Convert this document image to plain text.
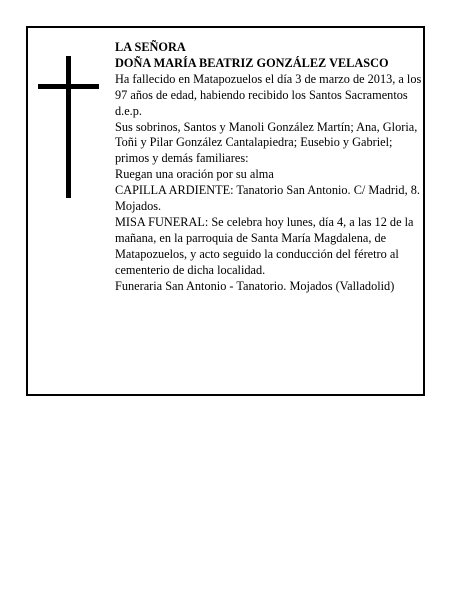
LA SEÑORA

DOÑA MARÍA BEATRIZ GONZÁLEZ VELASCO

Ha fallecido en Matapozuelos el día 3 de marzo de 2013, a los 97 años de edad, habiendo recibido los Santos Sacramentos

d.e.p.

Sus sobrinos, Santos y Manoli González Martín; Ana, Gloria, Toñi y Pilar González Cantalapiedra; Eusebio y Gabriel; primos y demás familiares:

Ruegan una oración por su alma

CAPILLA ARDIENTE: Tanatorio San Antonio. C/ Madrid, 8. Mojados.

MISA FUNERAL: Se celebra hoy lunes, día 4, a las 12 de la mañana, en la parroquia de Santa María Magdalena, de Matapozuelos, y acto seguido la conducción del féretro al cementerio de dicha localidad.

Funeraria San Antonio - Tanatorio. Mojados (Valladolid)
